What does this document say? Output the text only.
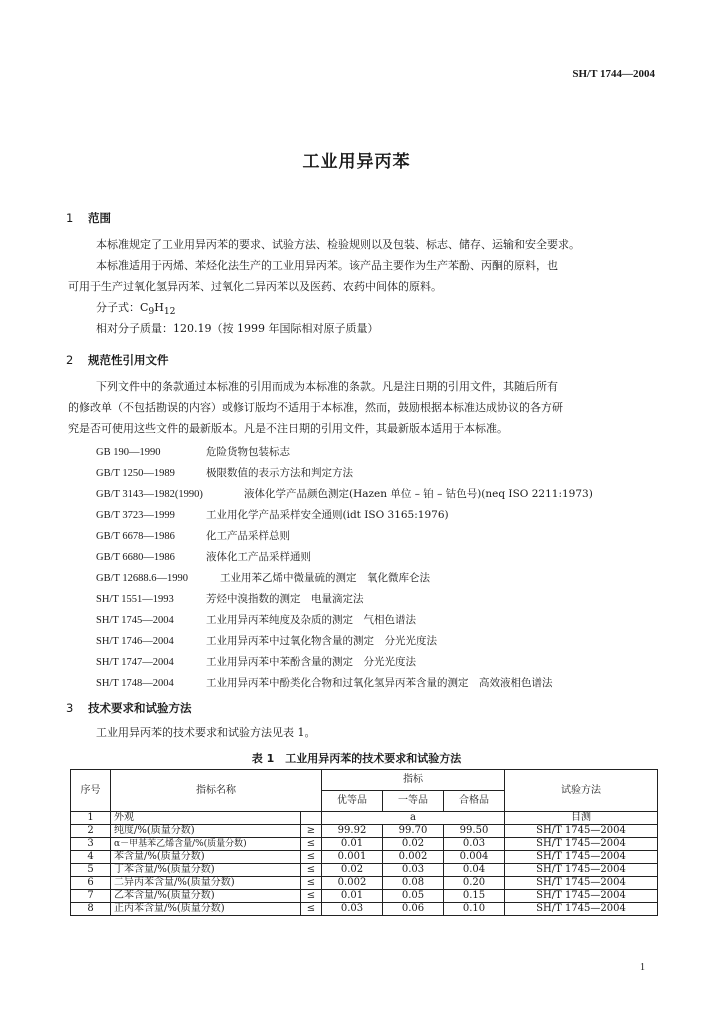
SH/T 1744—2004
工业用异丙苯
1 范围
本标准规定了工业用异丙苯的要求、试验方法、检验规则以及包装、标志、储存、运输和安全要求。
本标准适用于丙烯、苯烃化法生产的工业用异丙苯。该产品主要作为生产苯酚、丙酮的原料，也
可用于生产过氧化氢异丙苯、过氧化二异丙苯以及医药、农药中间体的原料。
分子式：$C_9H_{12}$
相对分子质量：120.19（按 1999 年国际相对原子质量）
2 规范性引用文件
下列文件中的条款通过本标准的引用而成为本标准的条款。凡是注日期的引用文件，其随后所有
的修改单（不包括勘误的内容）或修订版均不适用于本标准，然而，鼓励根据本标准达成协议的各方研
究是否可使用这些文件的最新版本。凡是不注日期的引用文件，其最新版本适用于本标准。
GB 190—1990	危险货物包装标志
GB/T 1250—1989	极限数值的表示方法和判定方法
GB/T 3143—1982(1990)	液体化学产品颜色测定(Hazen 单位 – 铂 – 钴色号)(neq ISO 2211:1973)
GB/T 3723—1999	工业用化学产品采样安全通则(idt ISO 3165:1976)
GB/T 6678—1986	化工产品采样总则
GB/T 6680—1986	液体化工产品采样通则
GB/T 12688.6—1990	工业用苯乙烯中微量硫的测定　氧化微库仑法
SH/T 1551—1993	芳烃中溴指数的测定　电量滴定法
SH/T 1745—2004	工业用异丙苯纯度及杂质的测定　气相色谱法
SH/T 1746—2004	工业用异丙苯中过氧化物含量的测定　分光光度法
SH/T 1747—2004	工业用异丙苯中苯酚含量的测定　分光光度法
SH/T 1748—2004	工业用异丙苯中酚类化合物和过氧化氢异丙苯含量的测定　高效液相色谱法
3 技术要求和试验方法
工业用异丙苯的技术要求和试验方法见表 1。
表 1　工业用异丙苯的技术要求和试验方法
序号	指标名称		指标			试验方法
			优等品	一等品	合格品	
1	外观		a			目测
2	纯度/%(质量分数)	≥	99.92	99.70	99.50	SH/T 1745—2004
3	α－甲基苯乙烯含量/%(质量分数)	≤	0.01	0.02	0.03	SH/T 1745—2004
4	苯含量/%(质量分数)	≤	0.001	0.002	0.004	SH/T 1745—2004
5	丁苯含量/%(质量分数)	≤	0.02	0.03	0.04	SH/T 1745—2004
6	二异丙苯含量/%(质量分数)	≤	0.002	0.08	0.20	SH/T 1745—2004
7	乙苯含量/%(质量分数)	≤	0.01	0.05	0.15	SH/T 1745—2004
8	正丙苯含量/%(质量分数)	≤	0.03	0.06	0.10	SH/T 1745—2004
1
